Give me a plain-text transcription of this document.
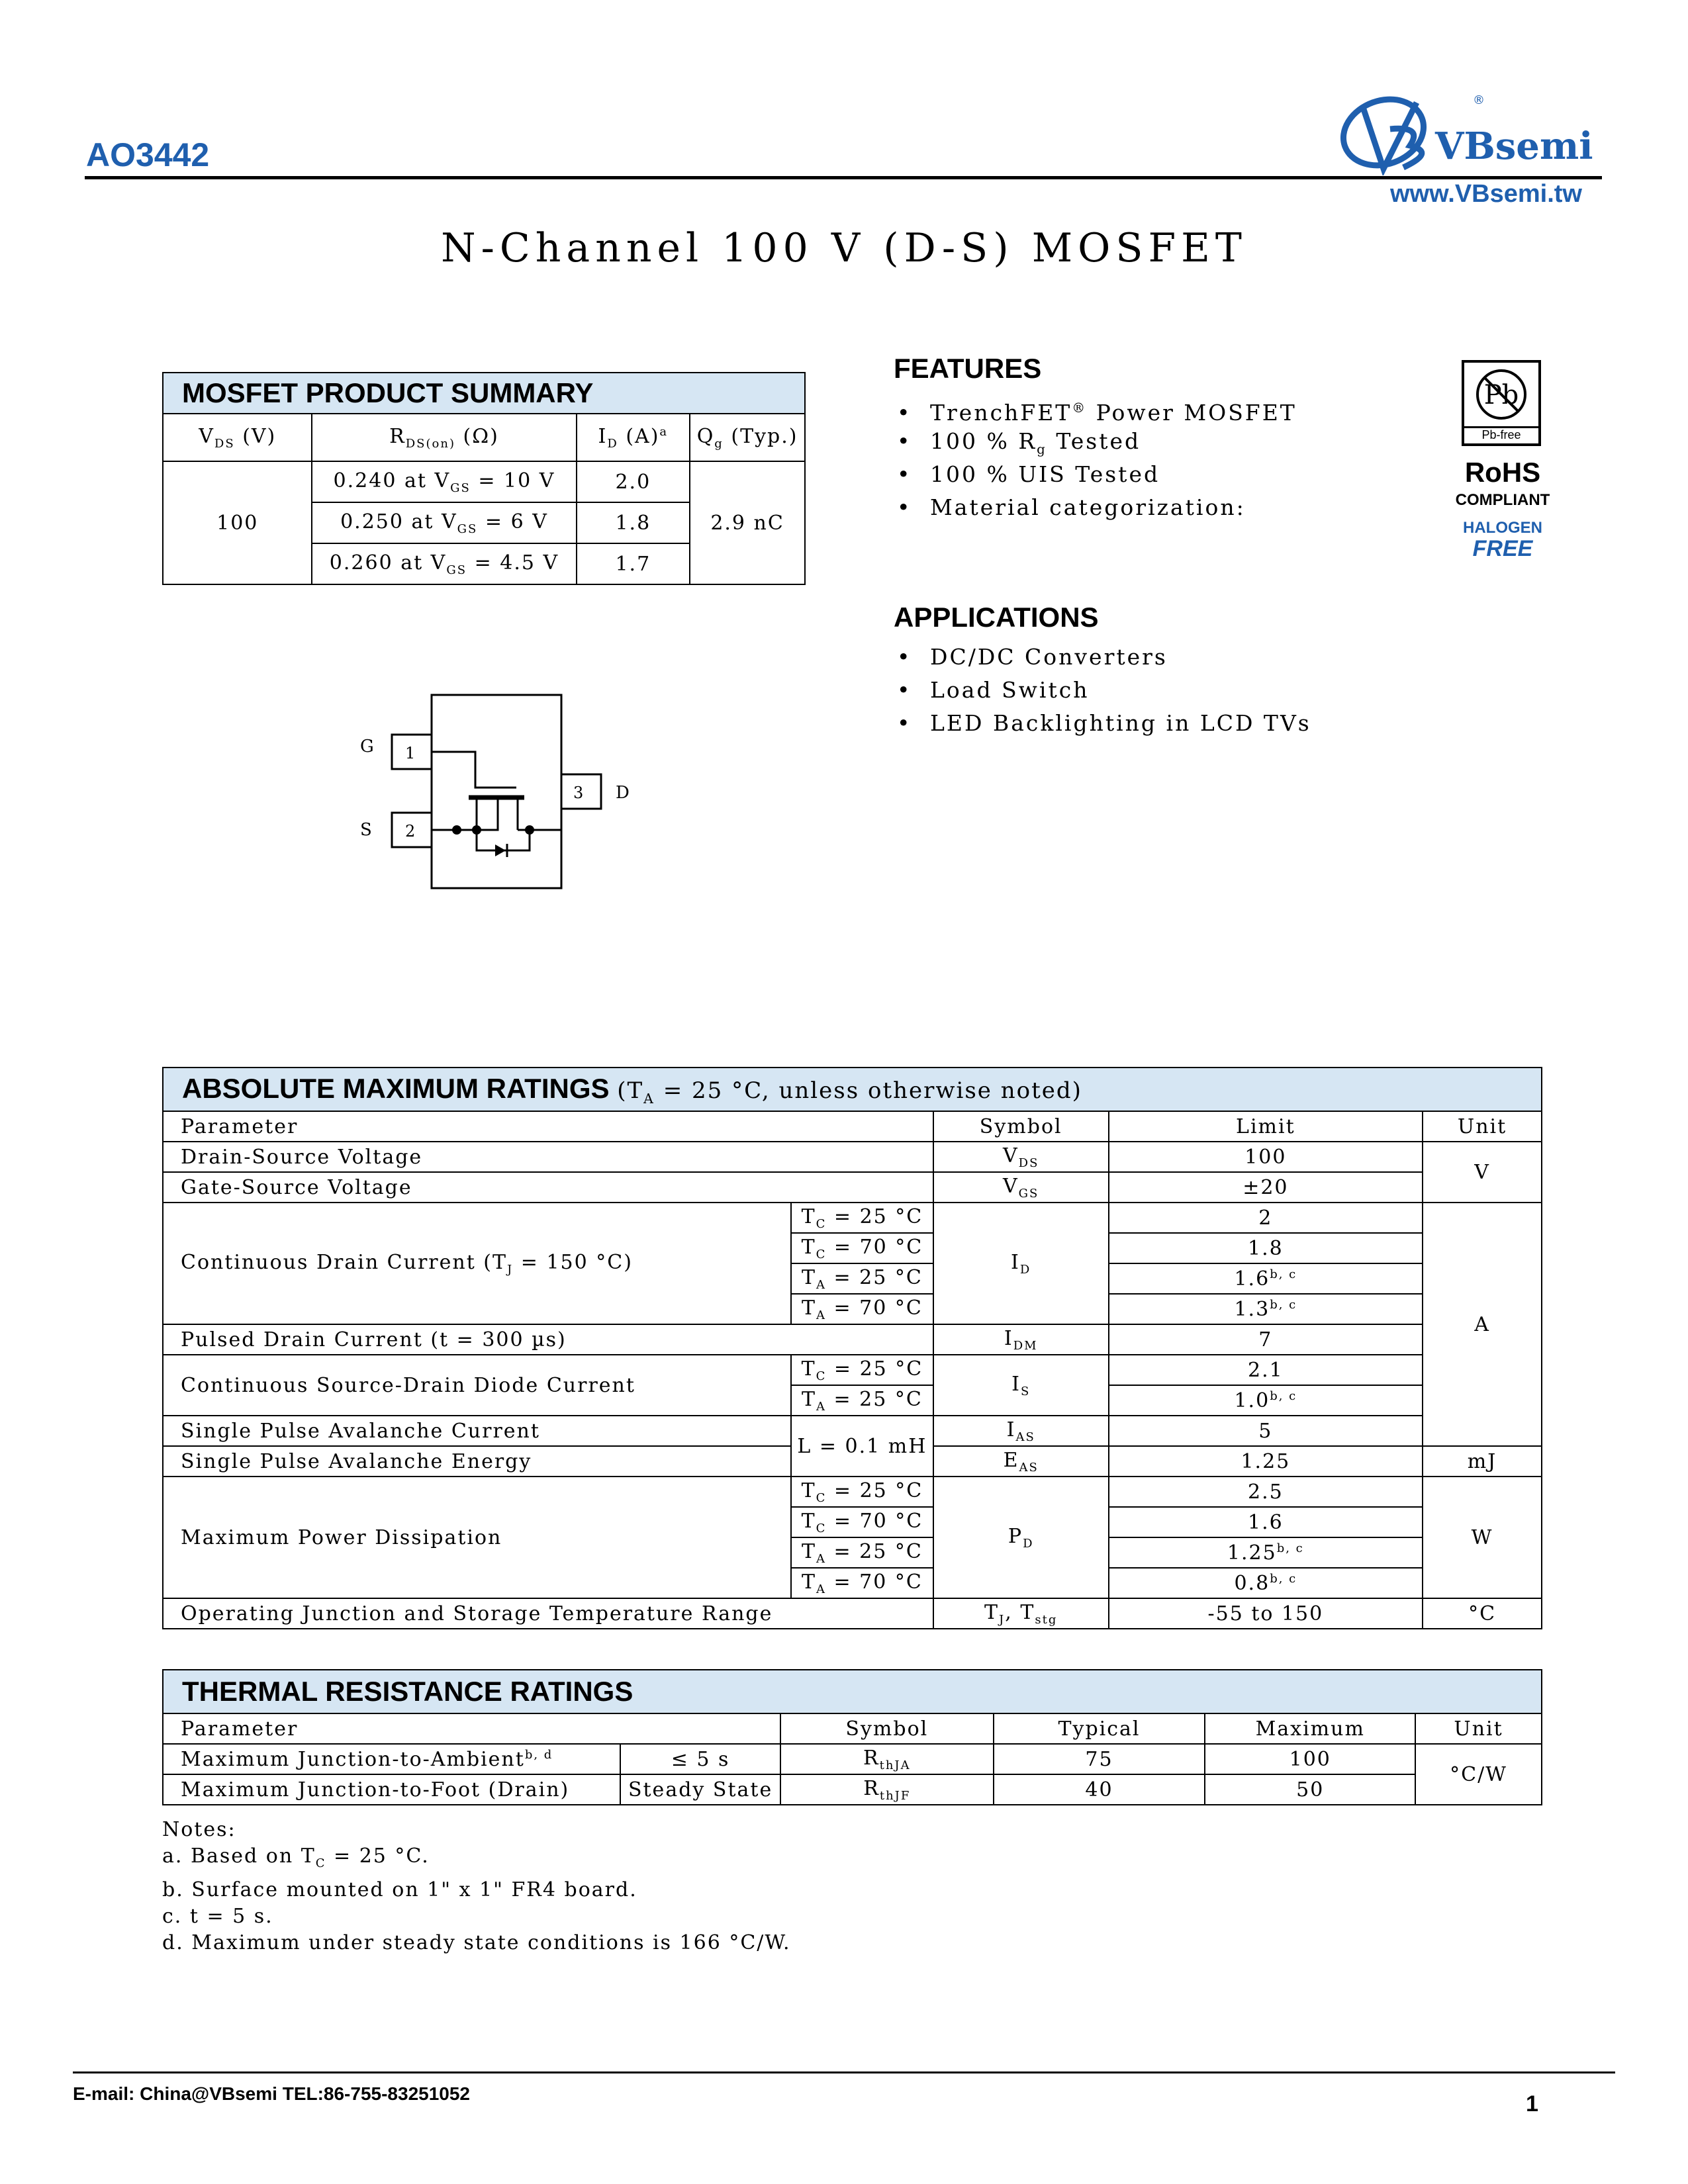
AO3442	VBsemi
®
www.VBsemi.tw
N-Channel 100 V (D-S) MOSFET
MOSFET PRODUCT SUMMARY			
$V_{DS}$ (V)	$R_{DS(on)}$ (Ω)	$I_D$ $(A)^a$	$Q_g$ (Typ.)
100	0.240 at $V_{GS} = 10$ V	2.0	2.9 nC
	0.250 at $V_{GS} = 6$ V	1.8	
	0.260 at $V_{GS} = 4.5$ V	1.7	
FEATURES
• TrenchFET® Power MOSFET
• 100 % $R_g$ Tested
• 100 % UIS Tested
• Material categorization:
Pb
Pb-free
RoHS
COMPLIANT
HALOGEN
FREE
APPLICATIONS
• DC/DC Converters
• Load Switch
• LED Backlighting in LCD TVs
G 1
S 2
3 D
ABSOLUTE MAXIMUM RATINGS ($T_A = 25$ °C, unless otherwise noted)				
Parameter		Symbol	Limit	Unit
Drain-Source Voltage		$V_{DS}$	100	V
Gate-Source Voltage		$V_{GS}$	±20	
Continuous Drain Current ($T_J = 150$ °C)	$T_C = 25$ °C	$I_D$	2	A
	$T_C = 70$ °C		1.8	
	$T_A = 25$ °C		1.6$^{b, c}$
	$T_A = 70$ °C		1.3$^{b, c}$
Pulsed Drain Current (t = 300 µs)		$I_{DM}$	7	
Continuous Source-Drain Diode Current	$T_C = 25$ °C	$I_S$	2.1	
	$T_A = 25$ °C		1.0$^{b, c}$
Single Pulse Avalanche Current	L = 0.1 mH	$I_{AS}$	5	
Single Pulse Avalanche Energy		$E_{AS}$	1.25	mJ
Maximum Power Dissipation	$T_C = 25$ °C	$P_D$	2.5	W
	$T_C = 70$ °C		1.6	
	$T_A = 25$ °C		1.25$^{b, c}$
	$T_A = 70$ °C		0.8$^{b, c}$
Operating Junction and Storage Temperature Range		$T_J$, $T_{stg}$	-55 to 150	°C
THERMAL RESISTANCE RATINGS					
Parameter		Symbol	Typical	Maximum	Unit
Maximum Junction-to-Ambient$^{b, d}$	≤ 5 s	$R_{thJA}$	75	100	°C/W
Maximum Junction-to-Foot (Drain)	Steady State	$R_{thJF}$	40	50	
Notes:
a. Based on $T_C = 25$ °C.
b. Surface mounted on 1" x 1" FR4 board.
c. t = 5 s.
d. Maximum under steady state conditions is 166 °C/W.
E-mail: China@VBsemi TEL:86-755-83251052	1
